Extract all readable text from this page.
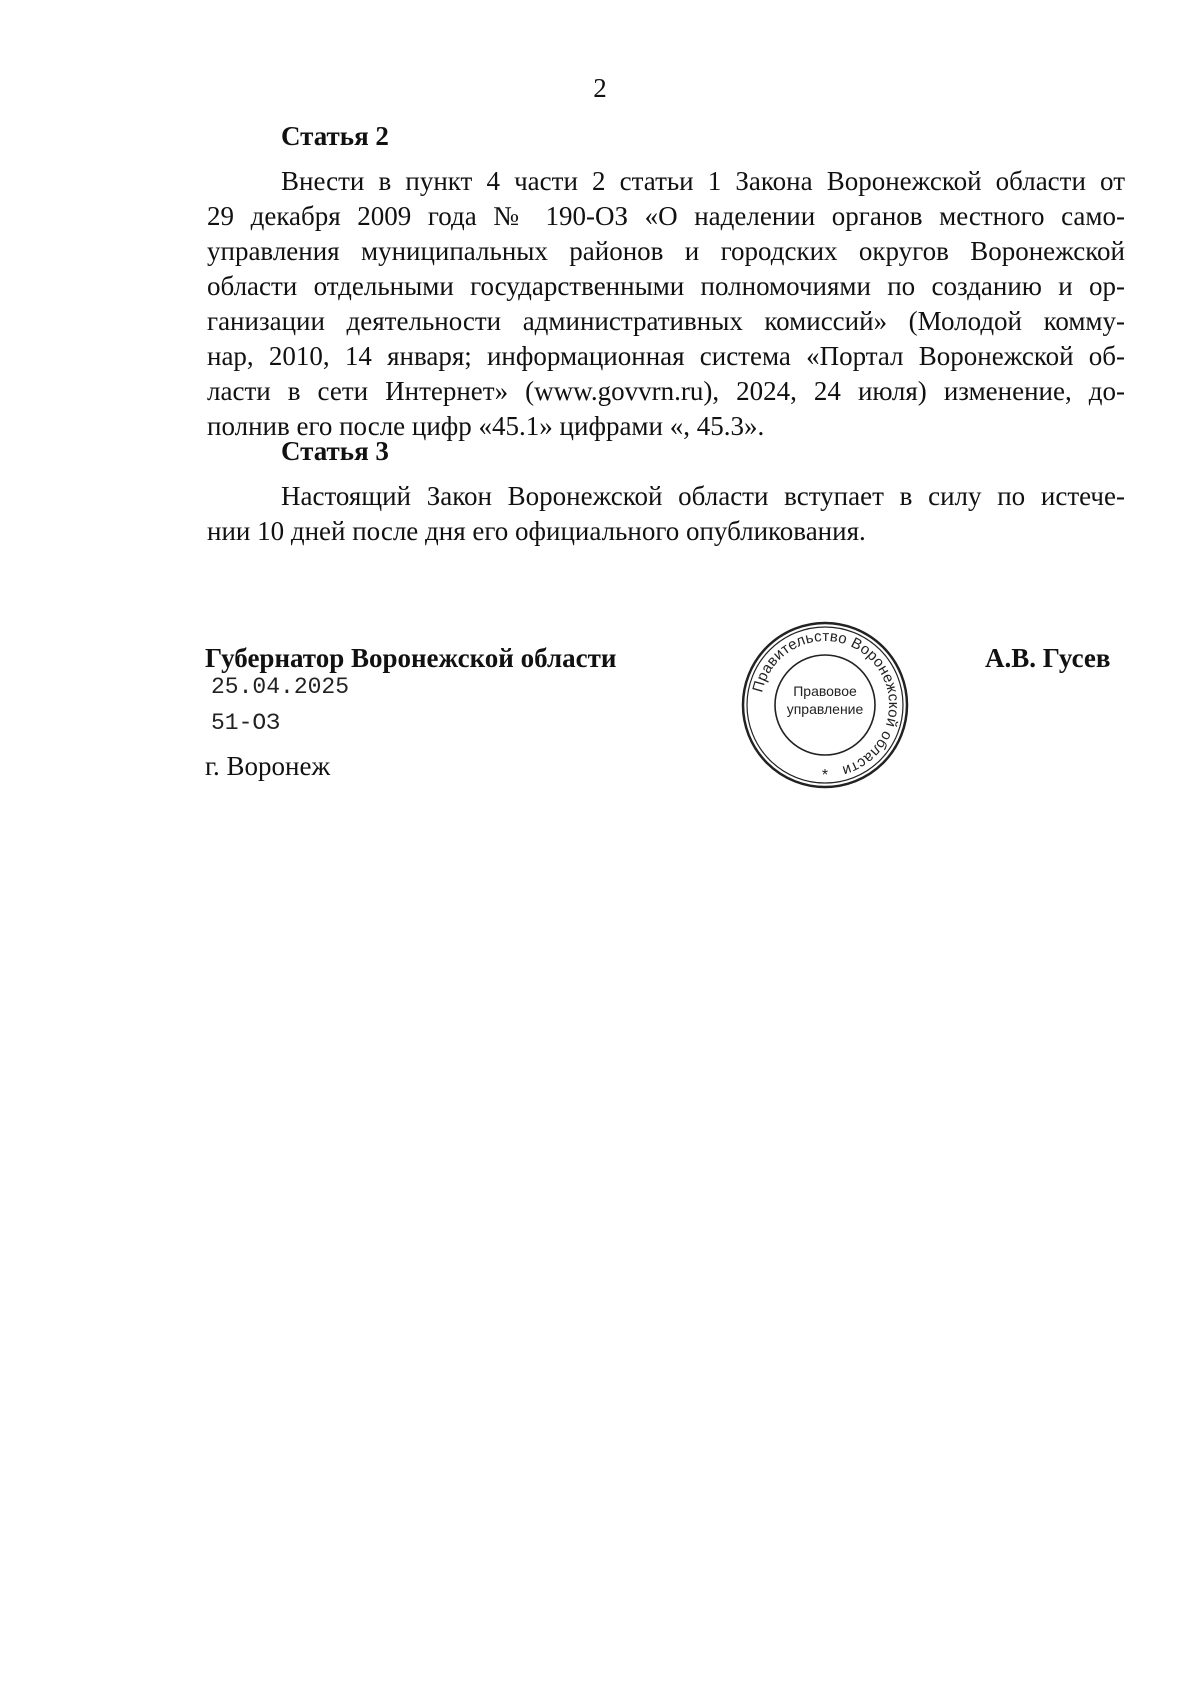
2
Статья 2
Внести в пункт 4 части 2 статьи 1 Закона Воронежской области от
29 декабря 2009 года № 190-ОЗ «О наделении органов местного само-
управления муниципальных районов и городских округов Воронежской
области отдельными государственными полномочиями по созданию и ор-
ганизации деятельности административных комиссий» (Молодой комму-
нар, 2010, 14 января; информационная система «Портал Воронежской об-
ласти в сети Интернет» (www.govvrn.ru), 2024, 24 июля) изменение, до-
полнив его после цифр «45.1» цифрами «, 45.3».
Статья 3
Настоящий Закон Воронежской области вступает в силу по истече-
нии 10 дней после дня его официального опубликования.
Губернатор Воронежской области
25.04.2025
51-ОЗ
г. Воронеж
Правительство Воронежской области
*
Правовое
управление
А.В. Гусев
